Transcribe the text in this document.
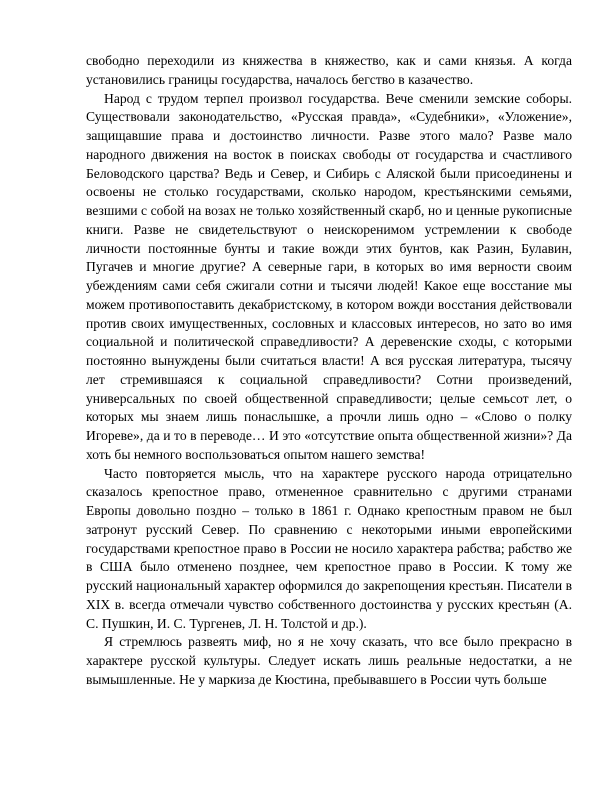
свободно переходили из княжества в княжество, как и сами князья. А когда установились границы государства, началось бегство в казачество.

Народ с трудом терпел произвол государства. Вече сменили земские соборы. Существовали законодательство, «Русская правда», «Судебники», «Уложение», защищавшие права и достоинство личности. Разве этого мало? Разве мало народного движения на восток в поисках свободы от государства и счастливого Беловодского царства? Ведь и Север, и Сибирь с Аляской были присоединены и освоены не столько государствами, сколько народом, крестьянскими семьями, везшими с собой на возах не только хозяйственный скарб, но и ценные рукописные книги. Разве не свидетельствуют о неискоренимом устремлении к свободе личности постоянные бунты и такие вожди этих бунтов, как Разин, Булавин, Пугачев и многие другие? А северные гари, в которых во имя верности своим убеждениям сами себя сжигали сотни и тысячи людей! Какое еще восстание мы можем противопоставить декабристскому, в котором вожди восстания действовали против своих имущественных, сословных и классовых интересов, но зато во имя социальной и политической справедливости? А деревенские сходы, с которыми постоянно вынуждены были считаться власти! А вся русская литература, тысячу лет стремившаяся к социальной справедливости? Сотни произведений, универсальных по своей общественной справедливости; целые семьсот лет, о которых мы знаем лишь понаслышке, а прочли лишь одно – «Слово о полку Игореве», да и то в переводе… И это «отсутствие опыта общественной жизни»? Да хоть бы немного воспользоваться опытом нашего земства!

Часто повторяется мысль, что на характере русского народа отрицательно сказалось крепостное право, отмененное сравнительно с другими странами Европы довольно поздно – только в 1861 г. Однако крепостным правом не был затронут русский Север. По сравнению с некоторыми иными европейскими государствами крепостное право в России не носило характера рабства; рабство же в США было отменено позднее, чем крепостное право в России. К тому же русский национальный характер оформился до закрепощения крестьян. Писатели в XIX в. всегда отмечали чувство собственного достоинства у русских крестьян (А. С. Пушкин, И. С. Тургенев, Л. Н. Толстой и др.).

Я стремлюсь развеять миф, но я не хочу сказать, что все было прекрасно в характере русской культуры. Следует искать лишь реальные недостатки, а не вымышленные. Не у маркиза де Кюстина, пребывавшего в России чуть больше
